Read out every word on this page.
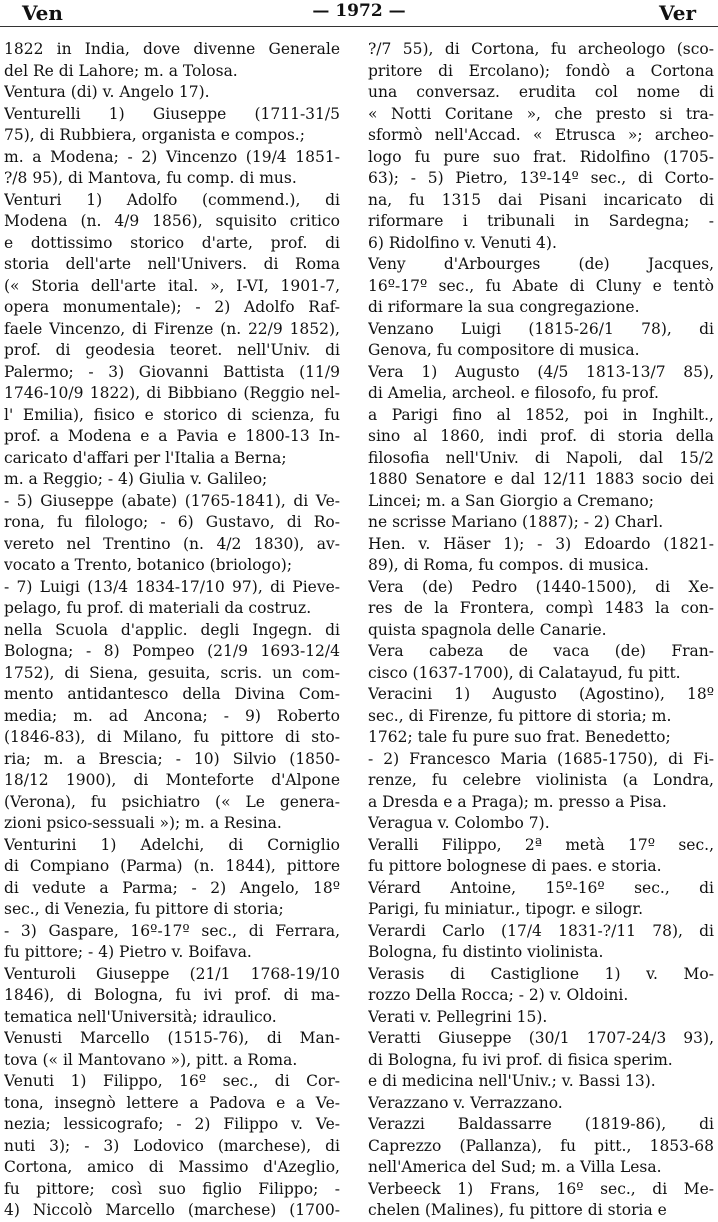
Ven	— 1972 —	Ver
1822 in India, dove divenne Generale
del Re di Lahore; m. a Tolosa.
Ventura (di) v. Angelo 17).
Venturelli 1) Giuseppe (1711-31/5
75), di Rubbiera, organista e compos.;
m. a Modena; - 2) Vincenzo (19/4 1851-
?/8 95), di Mantova, fu comp. di mus.
Venturi 1) Adolfo (commend.), di
Modena (n. 4/9 1856), squisito critico
e dottissimo storico d'arte, prof. di
storia dell'arte nell'Univers. di Roma
(« Storia dell'arte ital. », I-VI, 1901-7,
opera monumentale); - 2) Adolfo Raf-
faele Vincenzo, di Firenze (n. 22/9 1852),
prof. di geodesia teoret. nell'Univ. di
Palermo; - 3) Giovanni Battista (11/9
1746-10/9 1822), di Bibbiano (Reggio nel-
l' Emilia), fisico e storico di scienza, fu
prof. a Modena e a Pavia e 1800-13 In-
caricato d'affari per l'Italia a Berna;
m. a Reggio; - 4) Giulia v. Galileo;
- 5) Giuseppe (abate) (1765-1841), di Ve-
rona, fu filologo; - 6) Gustavo, di Ro-
vereto nel Trentino (n. 4/2 1830), av-
vocato a Trento, botanico (briologo);
- 7) Luigi (13/4 1834-17/10 97), di Pieve-
pelago, fu prof. di materiali da costruz.
nella Scuola d'applic. degli Ingegn. di
Bologna; - 8) Pompeo (21/9 1693-12/4
1752), di Siena, gesuita, scris. un com-
mento antidantesco della Divina Com-
media; m. ad Ancona; - 9) Roberto
(1846-83), di Milano, fu pittore di sto-
ria; m. a Brescia; - 10) Silvio (1850-
18/12 1900), di Monteforte d'Alpone
(Verona), fu psichiatro (« Le genera-
zioni psico-sessuali »); m. a Resina.
Venturini 1) Adelchi, di Corniglio
di Compiano (Parma) (n. 1844), pittore
di vedute a Parma; - 2) Angelo, 18º
sec., di Venezia, fu pittore di storia;
- 3) Gaspare, 16º-17º sec., di Ferrara,
fu pittore; - 4) Pietro v. Boifava.
Venturoli Giuseppe (21/1 1768-19/10
1846), di Bologna, fu ivi prof. di ma-
tematica nell'Università; idraulico.
Venusti Marcello (1515-76), di Man-
tova (« il Mantovano »), pitt. a Roma.
Venuti 1) Filippo, 16º sec., di Cor-
tona, insegnò lettere a Padova e a Ve-
nezia; lessicografo; - 2) Filippo v. Ve-
nuti 3); - 3) Lodovico (marchese), di
Cortona, amico di Massimo d'Azeglio,
fu pittore; così suo figlio Filippo; -
4) Niccolò Marcello (marchese) (1700-
?/7 55), di Cortona, fu archeologo (sco-
pritore di Ercolano); fondò a Cortona
una conversaz. erudita col nome di
« Notti Coritane », che presto si tra-
sformò nell'Accad. « Etrusca »; archeo-
logo fu pure suo frat. Ridolfino (1705-
63); - 5) Pietro, 13º-14º sec., di Corto-
na, fu 1315 dai Pisani incaricato di
riformare i tribunali in Sardegna; -
6) Ridolfino v. Venuti 4).
Veny d'Arbourges (de) Jacques,
16º-17º sec., fu Abate di Cluny e tentò
di riformare la sua congregazione.
Venzano Luigi (1815-26/1 78), di
Genova, fu compositore di musica.
Vera 1) Augusto (4/5 1813-13/7 85),
di Amelia, archeol. e filosofo, fu prof.
a Parigi fino al 1852, poi in Inghilt.,
sino al 1860, indi prof. di storia della
filosofia nell'Univ. di Napoli, dal 15/2
1880 Senatore e dal 12/11 1883 socio dei
Lincei; m. a San Giorgio a Cremano;
ne scrisse Mariano (1887); - 2) Charl.
Hen. v. Häser 1); - 3) Edoardo (1821-
89), di Roma, fu compos. di musica.
Vera (de) Pedro (1440-1500), di Xe-
res de la Frontera, compì 1483 la con-
quista spagnola delle Canarie.
Vera cabeza de vaca (de) Fran-
cisco (1637-1700), di Calatayud, fu pitt.
Veracini 1) Augusto (Agostino), 18º
sec., di Firenze, fu pittore di storia; m.
1762; tale fu pure suo frat. Benedetto;
- 2) Francesco Maria (1685-1750), di Fi-
renze, fu celebre violinista (a Londra,
a Dresda e a Praga); m. presso a Pisa.
Veragua v. Colombo 7).
Veralli Filippo, 2ª metà 17º sec.,
fu pittore bolognese di paes. e storia.
Vérard Antoine, 15º-16º sec., di
Parigi, fu miniatur., tipogr. e silogr.
Verardi Carlo (17/4 1831-?/11 78), di
Bologna, fu distinto violinista.
Verasis di Castiglione 1) v. Mo-
rozzo Della Rocca; - 2) v. Oldoini.
Verati v. Pellegrini 15).
Veratti Giuseppe (30/1 1707-24/3 93),
di Bologna, fu ivi prof. di fisica sperim.
e di medicina nell'Univ.; v. Bassi 13).
Verazzano v. Verrazzano.
Verazzi Baldassarre (1819-86), di
Caprezzo (Pallanza), fu pitt., 1853-68
nell'America del Sud; m. a Villa Lesa.
Verbeeck 1) Frans, 16º sec., di Me-
chelen (Malines), fu pittore di storia e
